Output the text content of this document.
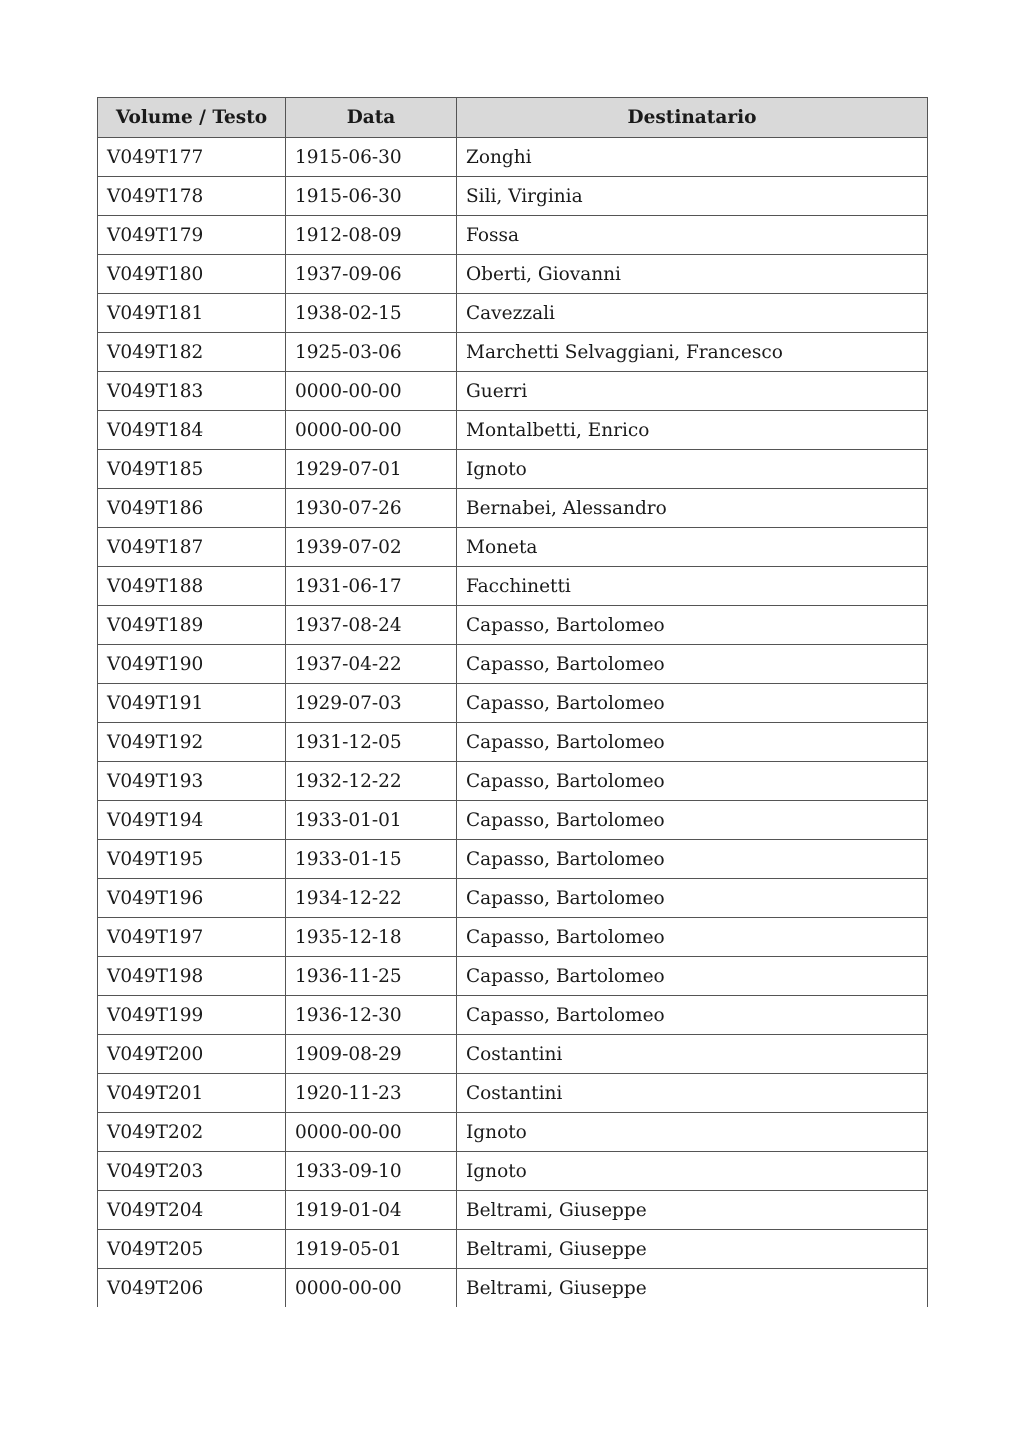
Volume / Testo	Data	Destinatario
V049T177	1915-06-30	Zonghi
V049T178	1915-06-30	Sili, Virginia
V049T179	1912-08-09	Fossa
V049T180	1937-09-06	Oberti, Giovanni
V049T181	1938-02-15	Cavezzali
V049T182	1925-03-06	Marchetti Selvaggiani, Francesco
V049T183	0000-00-00	Guerri
V049T184	0000-00-00	Montalbetti, Enrico
V049T185	1929-07-01	Ignoto
V049T186	1930-07-26	Bernabei, Alessandro
V049T187	1939-07-02	Moneta
V049T188	1931-06-17	Facchinetti
V049T189	1937-08-24	Capasso, Bartolomeo
V049T190	1937-04-22	Capasso, Bartolomeo
V049T191	1929-07-03	Capasso, Bartolomeo
V049T192	1931-12-05	Capasso, Bartolomeo
V049T193	1932-12-22	Capasso, Bartolomeo
V049T194	1933-01-01	Capasso, Bartolomeo
V049T195	1933-01-15	Capasso, Bartolomeo
V049T196	1934-12-22	Capasso, Bartolomeo
V049T197	1935-12-18	Capasso, Bartolomeo
V049T198	1936-11-25	Capasso, Bartolomeo
V049T199	1936-12-30	Capasso, Bartolomeo
V049T200	1909-08-29	Costantini
V049T201	1920-11-23	Costantini
V049T202	0000-00-00	Ignoto
V049T203	1933-09-10	Ignoto
V049T204	1919-01-04	Beltrami, Giuseppe
V049T205	1919-05-01	Beltrami, Giuseppe
V049T206	0000-00-00	Beltrami, Giuseppe
